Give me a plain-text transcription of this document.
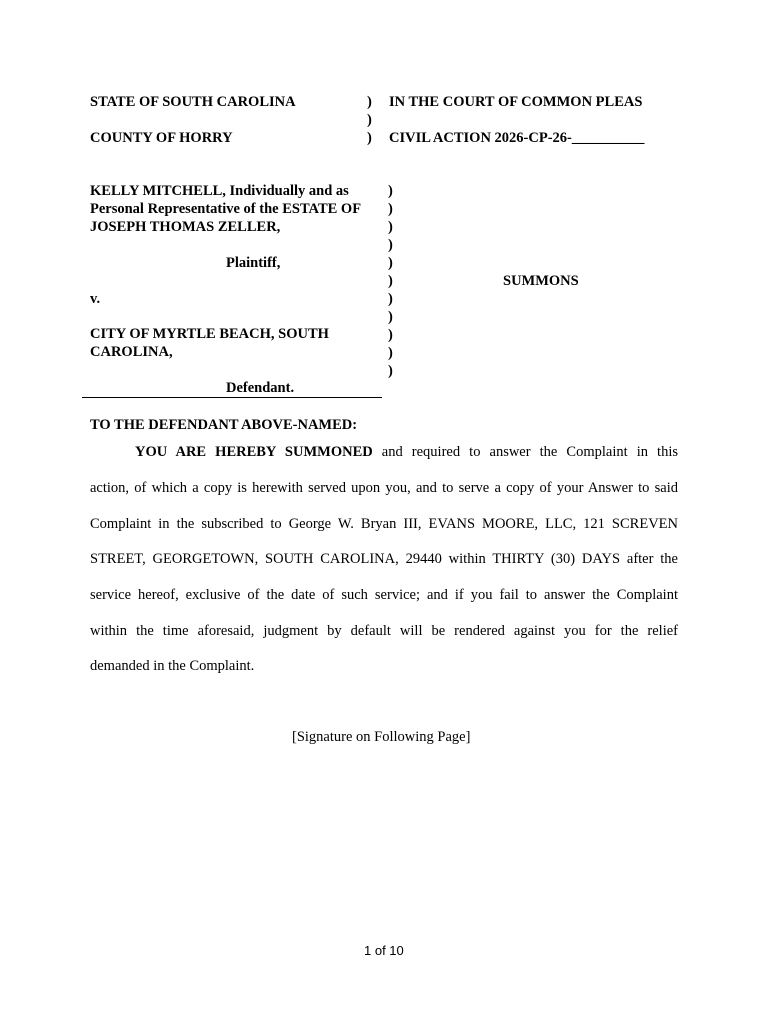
STATE OF SOUTH CAROLINA	) IN THE COURT OF COMMON PLEAS
)
COUNTY OF HORRY	) CIVIL ACTION 2026-CP-26-__________
KELLY MITCHELL, Individually and as
Personal Representative of the ESTATE OF
JOSEPH THOMAS ZELLER,
Plaintiff,
v.
CITY OF MYRTLE BEACH, SOUTH
CAROLINA,
Defendant.
)
)
)
)
)
)
)
)
)
)
)
SUMMONS
TO THE DEFENDANT ABOVE-NAMED:
YOU ARE HEREBY SUMMONED and required to answer the Complaint in this
action, of which a copy is herewith served upon you, and to serve a copy of your Answer to said
Complaint in the subscribed to George W. Bryan III, EVANS MOORE, LLC, 121 SCREVEN
STREET, GEORGETOWN, SOUTH CAROLINA, 29440 within THIRTY (30) DAYS after the
service hereof, exclusive of the date of such service; and if you fail to answer the Complaint
within the time aforesaid, judgment by default will be rendered against you for the relief
demanded in the Complaint.
[Signature on Following Page]
1 of 10
